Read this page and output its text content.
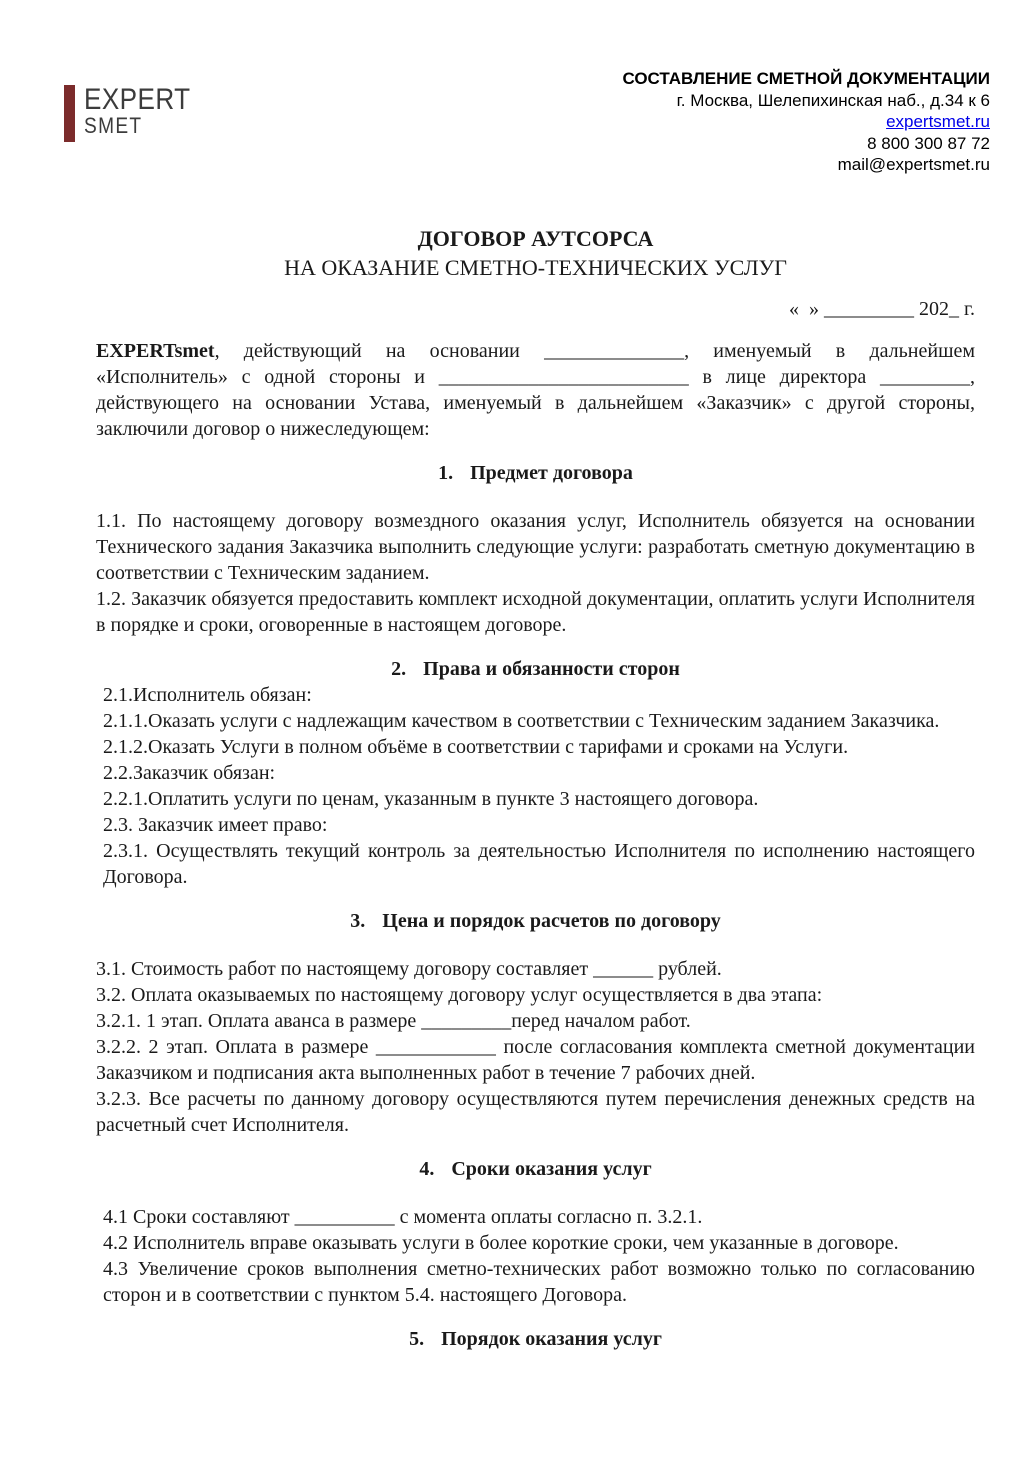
EXPERT
SMET
СОСТАВЛЕНИЕ СМЕТНОЙ ДОКУМЕНТАЦИИ
г. Москва, Шелепихинская наб., д.34 к 6
expertsmet.ru
8 800 300 87 72
mail@expertsmet.ru
ДОГОВОР АУТСОРСА
НА ОКАЗАНИЕ СМЕТНО-ТЕХНИЧЕСКИХ УСЛУГ
«  » _________ 202_ г.

EXPERTsmet, действующий на основании ______________, именуемый в дальнейшем «Исполнитель» с одной стороны и _________________________ в лице директора _________, действующего на основании Устава, именуемый в дальнейшем «Заказчик» с другой стороны, заключили договор о нижеследующем:

1. Предмет договора

1.1. По настоящему договору возмездного оказания услуг, Исполнитель обязуется на основании Технического задания Заказчика выполнить следующие услуги: разработать сметную документацию в соответствии с Техническим заданием.

1.2. Заказчик обязуется предоставить комплект исходной документации, оплатить услуги Исполнителя в порядке и сроки, оговоренные в настоящем договоре.

2. Права и обязанности сторон

2.1.Исполнитель обязан:

2.1.1.Оказать услуги с надлежащим качеством в соответствии с Техническим заданием Заказчика.

2.1.2.Оказать Услуги в полном объёме в соответствии с тарифами и сроками на Услуги.

2.2.Заказчик обязан:

2.2.1.Оплатить услуги по ценам, указанным в пункте 3 настоящего договора.

2.3. Заказчик имеет право:

2.3.1. Осуществлять текущий контроль за деятельностью Исполнителя по исполнению настоящего Договора.

3. Цена и порядок расчетов по договору

3.1. Стоимость работ по настоящему договору составляет ______ рублей.

3.2. Оплата оказываемых по настоящему договору услуг осуществляется в два этапа:

3.2.1. 1 этап. Оплата аванса в размере _________перед началом работ.

3.2.2. 2 этап. Оплата в размере ____________ после согласования комплекта сметной документации Заказчиком и подписания акта выполненных работ в течение 7 рабочих дней.

3.2.3. Все расчеты по данному договору осуществляются путем перечисления денежных средств на расчетный счет Исполнителя.

4. Сроки оказания услуг

4.1 Сроки составляют __________ с момента оплаты согласно п. 3.2.1.

4.2 Исполнитель вправе оказывать услуги в более короткие сроки, чем указанные в договоре.

4.3 Увеличение сроков выполнения сметно-технических работ возможно только по согласованию сторон и в соответствии с пунктом 5.4. настоящего Договора.

5. Порядок оказания услуг
